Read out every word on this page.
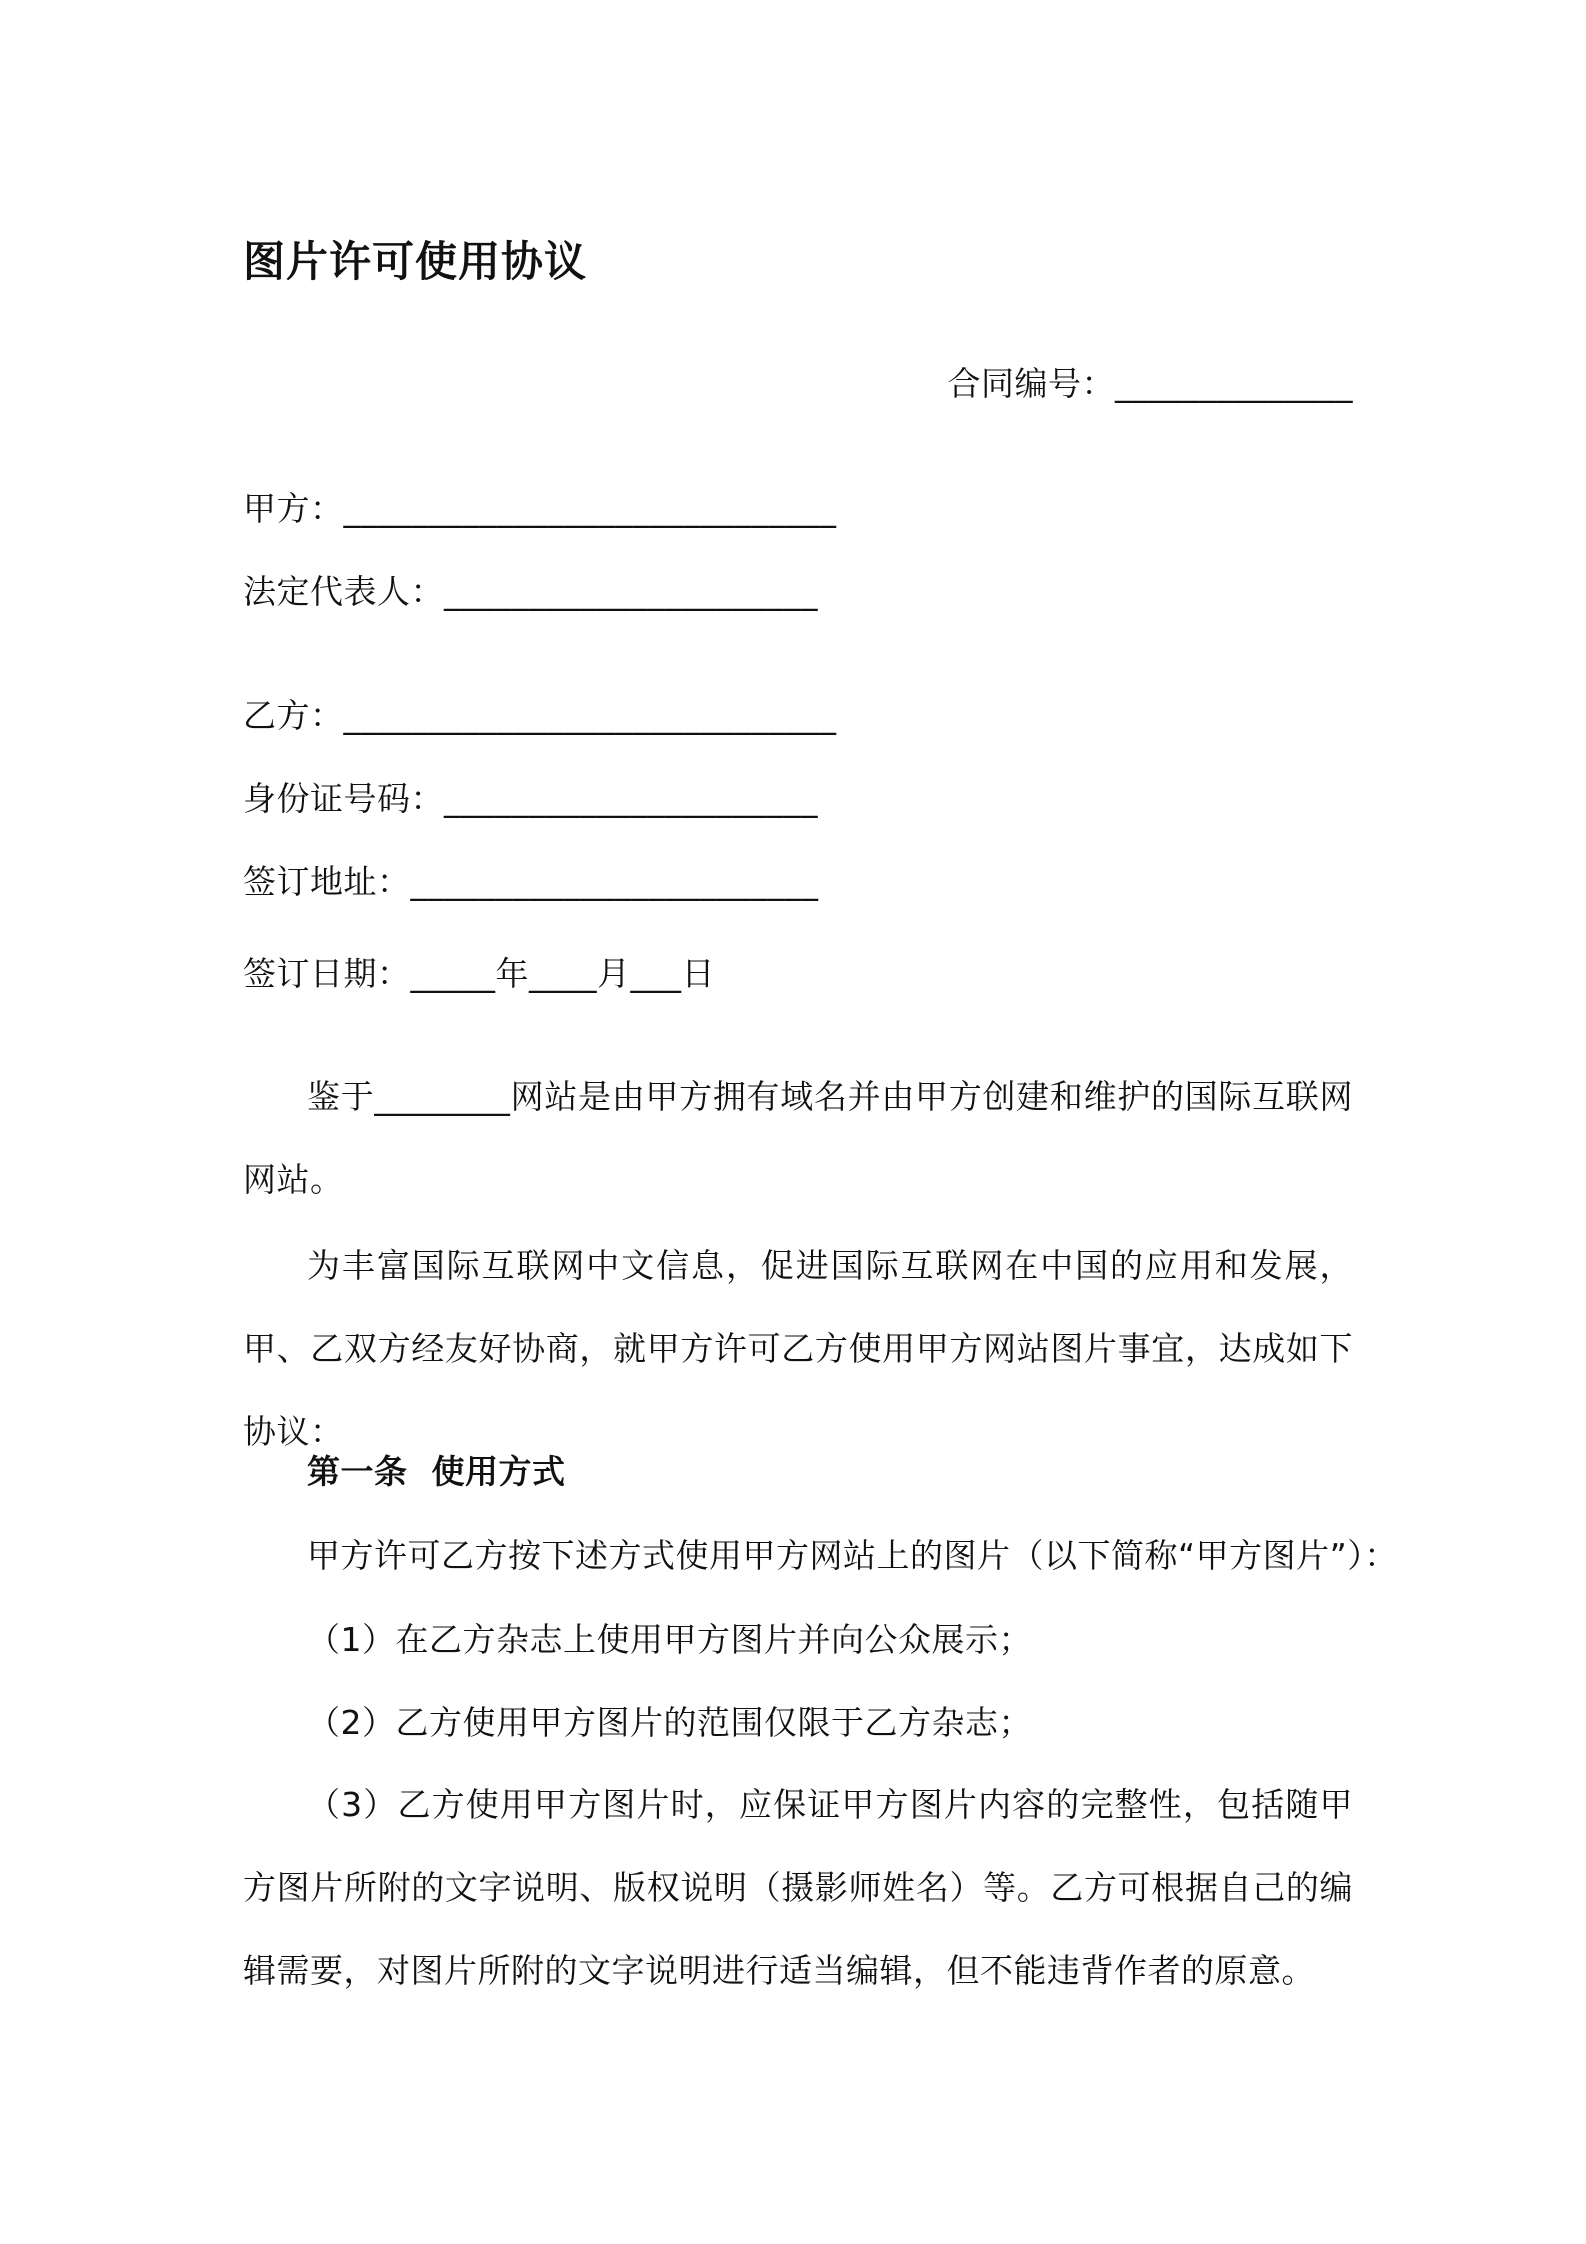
图片许可使用协议
合同编号：______________
甲方：_____________________________
法定代表人：______________________
乙方：_____________________________
身份证号码：______________________
签订地址：________________________
签订日期：_____年____月___日
鉴于________网站是由甲方拥有域名并由甲方创建和维护的国际互联网网站。
为丰富国际互联网中文信息，促进国际互联网在中国的应用和发展，甲、乙双方经友好协商，就甲方许可乙方使用甲方网站图片事宜，达成如下协议：
第一条  使用方式
甲方许可乙方按下述方式使用甲方网站上的图片（以下简称“甲方图片”）：
（1）在乙方杂志上使用甲方图片并向公众展示；
（2）乙方使用甲方图片的范围仅限于乙方杂志；
（3）乙方使用甲方图片时，应保证甲方图片内容的完整性，包括随甲方图片所附的文字说明、版权说明（摄影师姓名）等。乙方可根据自己的编辑需要，对图片所附的文字说明进行适当编辑，但不能违背作者的原意。
